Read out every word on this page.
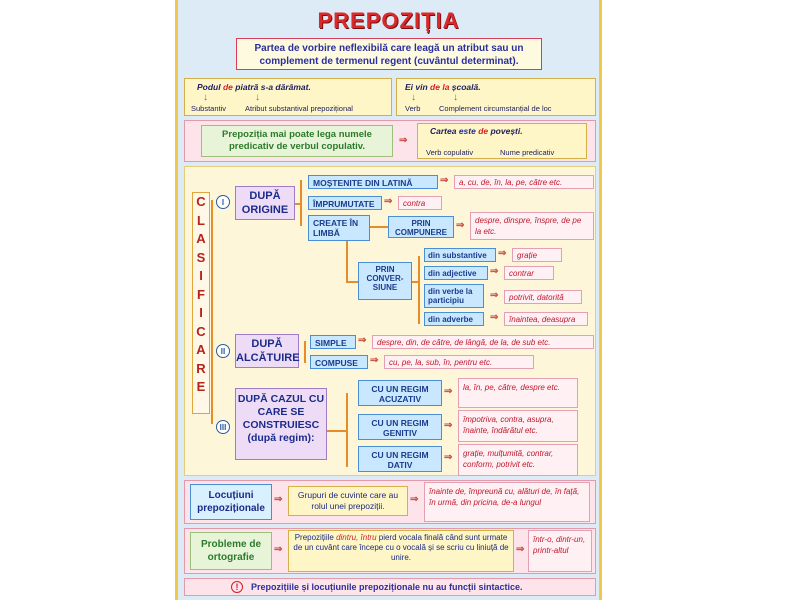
PREPOZIȚIA
Partea de vorbire neflexibilă care leagă un atribut sau un complement de termenul regent (cuvântul determinat).
Podul de piatră s-a dărâmat.
↓	↓
Substantiv	Atribut substantival prepozițional
Ei vin de la școală.
↓	↓
Verb Complement circumstanțial de loc
Prepoziția mai poate lega numele predicativ de verbul copulativ.
⇒
Cartea este de povești.
Verb copulativ	Nume predicativ
C
L
A
S
I
F
I
C
A
R
E
I
DUPĂ ORIGINE
MOȘTENITE DIN LATINĂ	⇒	a, cu, de, în, la, pe, către etc.
ÎMPRUMUTATE ⇒	contra
CREATE ÎN LIMBĂ
PRIN COMPUNERE
⇒	despre, dinspre, înspre, de pe la etc.
PRIN CONVER-SIUNE
din substantive	⇒	grație
din adjective	⇒	contrar
din verbe la participiu	⇒	potrivit, datorită
din adverbe	⇒	înaintea, deasupra
II
DUPĂ ALCĂTUIRE
SIMPLE	⇒	despre, din, de către, de lângă, de la, de sub etc.
COMPUSE	⇒	cu, pe, la, sub, în, pentru etc.
III
DUPĂ CAZUL CU CARE SE CONSTRUIESC (după regim):
CU UN REGIM ACUZATIV
⇒	la, în, pe, către, despre etc.
CU UN REGIM GENITIV
⇒
împotriva, contra, asupra, înainte, îndărătul etc.
CU UN REGIM DATIV
⇒	grație, mulțumită, contrar, conform, potrivit etc.
Locuțiuni prepoziționale
⇒	Grupuri de cuvinte care au rolul unei prepoziții.
⇒
înainte de, împreună cu, alături de, în față, în urmă, din pricina, de-a lungul
Probleme de ortografie
⇒
Prepozițiile dintru, întru pierd vocala finală când sunt urmate de un cuvânt care începe cu o vocală și se scriu cu liniuță de unire.
⇒
într-o, dintr-un, printr-altul
!	Prepozițiile și locuțiunile prepoziționale nu au funcții sintactice.
